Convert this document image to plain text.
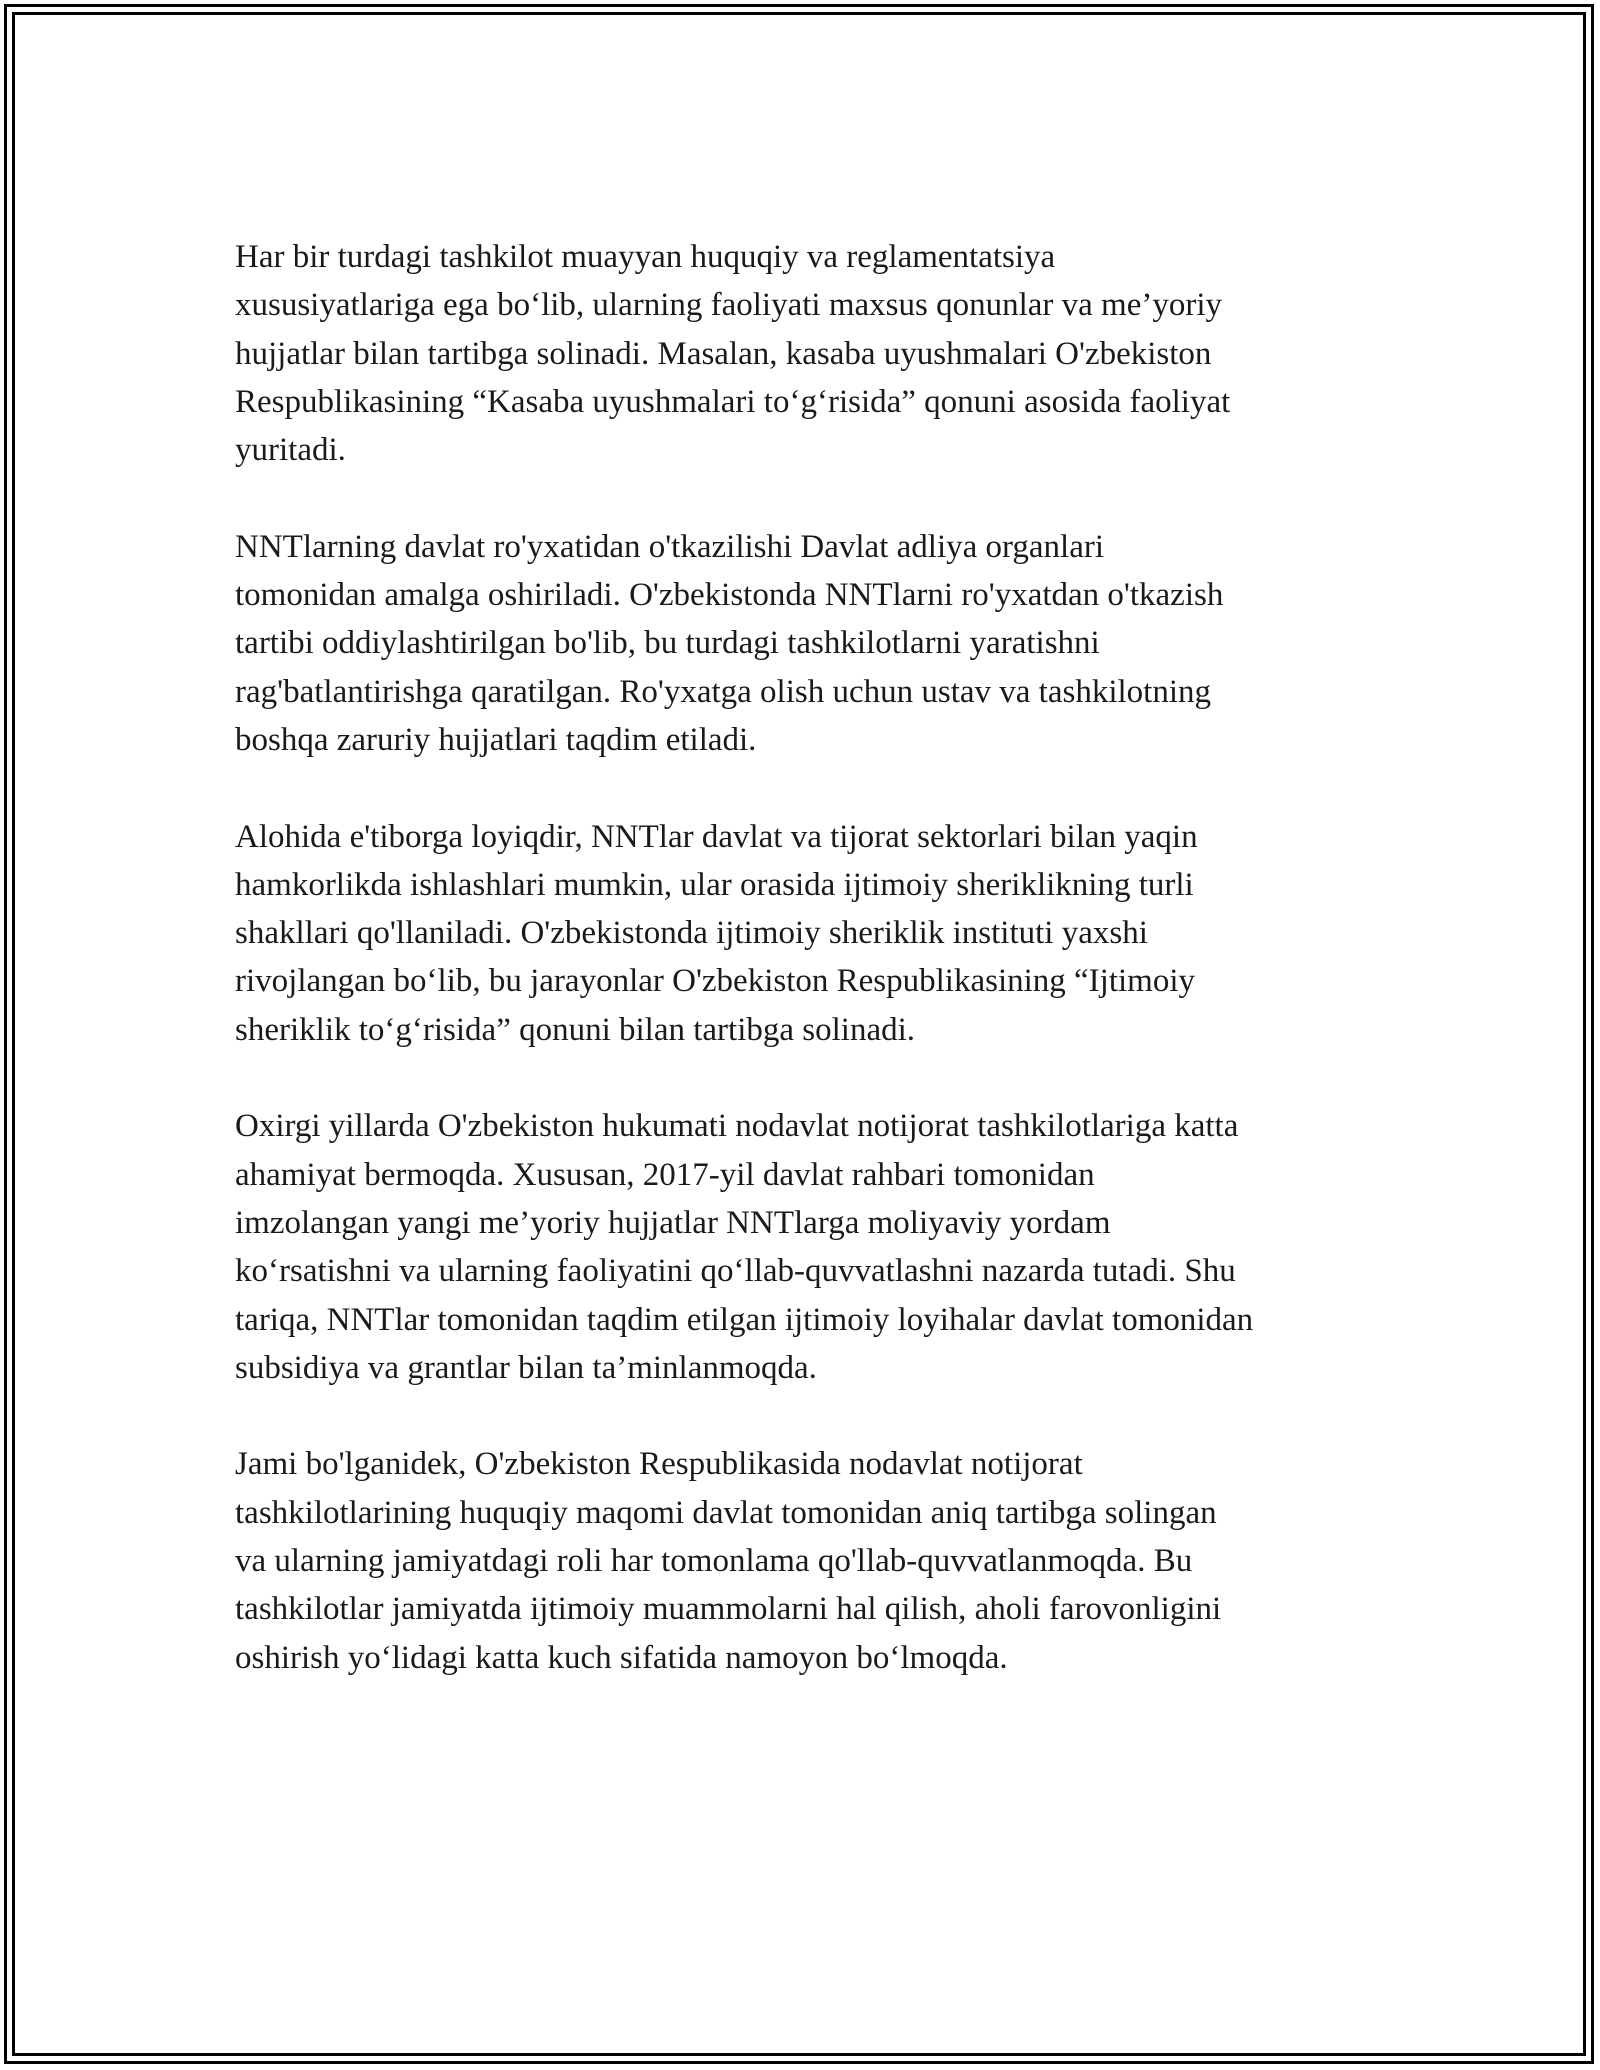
Har bir turdagi tashkilot muayyan huquqiy va reglamentatsiya
xususiyatlariga ega bo‘lib, ularning faoliyati maxsus qonunlar va me’yoriy
hujjatlar bilan tartibga solinadi. Masalan, kasaba uyushmalari O'zbekiston
Respublikasining “Kasaba uyushmalari to‘g‘risida” qonuni asosida faoliyat
yuritadi.

NNTlarning davlat ro'yxatidan o'tkazilishi Davlat adliya organlari
tomonidan amalga oshiriladi. O'zbekistonda NNTlarni ro'yxatdan o'tkazish
tartibi oddiylashtirilgan bo'lib, bu turdagi tashkilotlarni yaratishni
rag'batlantirishga qaratilgan. Ro'yxatga olish uchun ustav va tashkilotning
boshqa zaruriy hujjatlari taqdim etiladi.

Alohida e'tiborga loyiqdir, NNTlar davlat va tijorat sektorlari bilan yaqin
hamkorlikda ishlashlari mumkin, ular orasida ijtimoiy sheriklikning turli
shakllari qo'llaniladi. O'zbekistonda ijtimoiy sheriklik instituti yaxshi
rivojlangan bo‘lib, bu jarayonlar O'zbekiston Respublikasining “Ijtimoiy
sheriklik to‘g‘risida” qonuni bilan tartibga solinadi.

Oxirgi yillarda O'zbekiston hukumati nodavlat notijorat tashkilotlariga katta
ahamiyat bermoqda. Xususan, 2017-yil davlat rahbari tomonidan
imzolangan yangi me’yoriy hujjatlar NNTlarga moliyaviy yordam
ko‘rsatishni va ularning faoliyatini qo‘llab-quvvatlashni nazarda tutadi. Shu
tariqa, NNTlar tomonidan taqdim etilgan ijtimoiy loyihalar davlat tomonidan
subsidiya va grantlar bilan ta’minlanmoqda.

Jami bo'lganidek, O'zbekiston Respublikasida nodavlat notijorat
tashkilotlarining huquqiy maqomi davlat tomonidan aniq tartibga solingan
va ularning jamiyatdagi roli har tomonlama qo'llab-quvvatlanmoqda. Bu
tashkilotlar jamiyatda ijtimoiy muammolarni hal qilish, aholi farovonligini
oshirish yo‘lidagi katta kuch sifatida namoyon bo‘lmoqda.
